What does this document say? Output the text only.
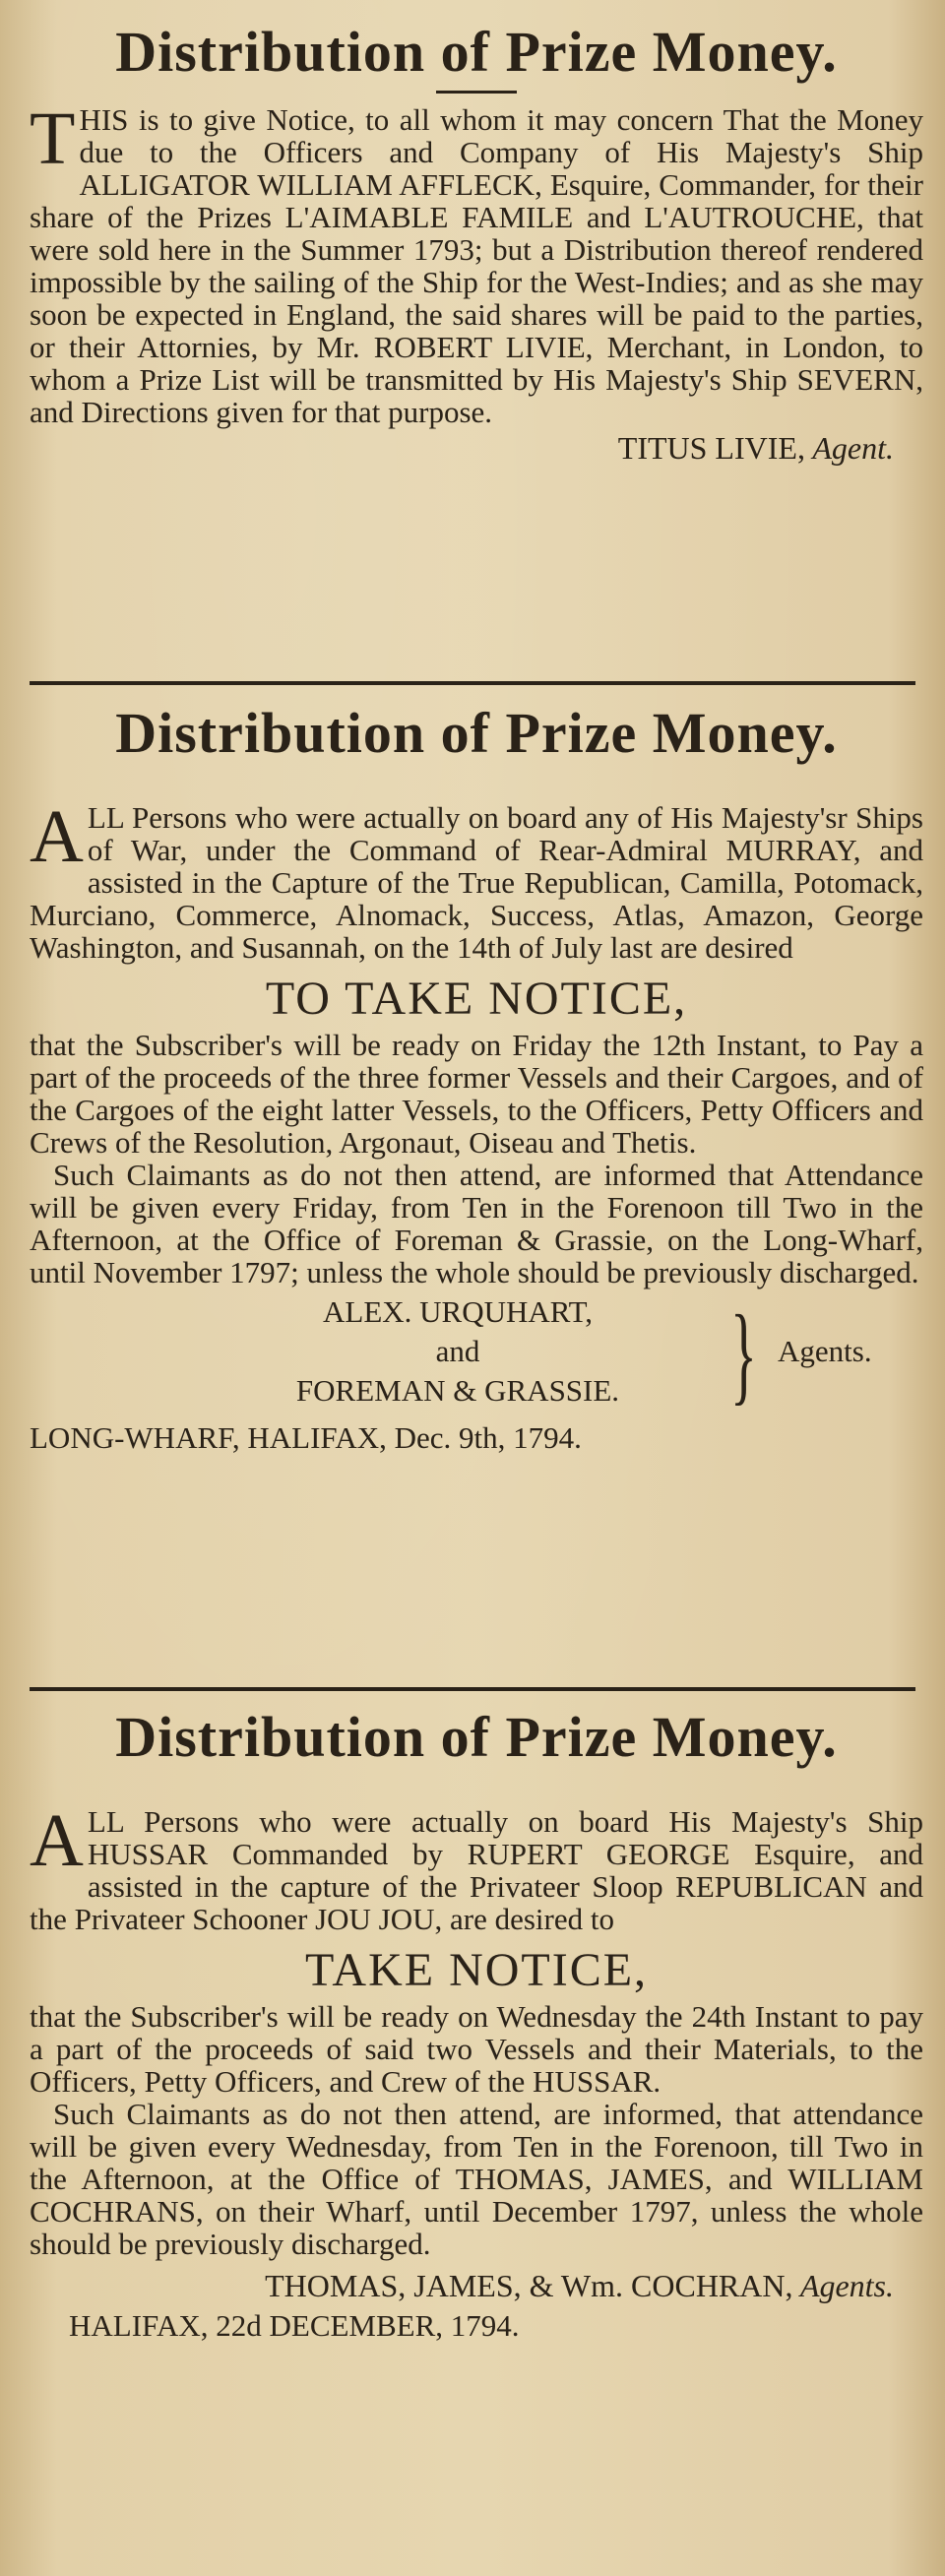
Distribution of Prize Money.

T HIS is to give Notice, to all whom it may concern That the Money due to the Officers and Company of His Majesty's Ship ALLIGATOR WILLIAM AFFLECK, Esquire, Commander, for their share of the Prizes L'AIMABLE FAMILE and L'AUTROUCHE, that were sold here in the Summer 1793; but a Distribution thereof rendered impossible by the sailing of the Ship for the West-Indies; and as she may soon be expected in England, the said shares will be paid to the parties, or their Attornies, by Mr. ROBERT LIVIE, Merchant, in London, to whom a Prize List will be transmitted by His Majesty's Ship SEVERN, and Directions given for that purpose.

TITUS LIVIE, Agent.

Distribution of Prize Money.

A LL Persons who were actually on board any of His Majesty'sr Ships of War, under the Command of Rear-Admiral MURRAY, and assisted in the Capture of the True Republican, Camilla, Potomack, Murciano, Commerce, Alnomack, Success, Atlas, Amazon, George Washington, and Susannah, on the 14th of July last are desired

TO TAKE NOTICE,

that the Subscriber's will be ready on Friday the 12th Instant, to Pay a part of the proceeds of the three former Vessels and their Cargoes, and of the Cargoes of the eight latter Vessels, to the Officers, Petty Officers and Crews of the Resolution, Argonaut, Oiseau and Thetis.

Such Claimants as do not then attend, are informed that Attendance will be given every Friday, from Ten in the Forenoon till Two in the Afternoon, at the Office of Foreman & Grassie, on the Long-Wharf, until November 1797; unless the whole should be previously discharged.

ALEX. URQUHART,
and
FOREMAN & GRASSIE.	} Agents.

LONG-WHARF, HALIFAX, Dec. 9th, 1794.

Distribution of Prize Money.

A LL Persons who were actually on board His Majesty's Ship HUSSAR Commanded by RUPERT GEORGE Esquire, and assisted in the capture of the Privateer Sloop REPUBLICAN and the Privateer Schooner JOU JOU, are desired to

TAKE NOTICE,

that the Subscriber's will be ready on Wednesday the 24th Instant to pay a part of the proceeds of said two Vessels and their Materials, to the Officers, Petty Officers, and Crew of the HUSSAR.

Such Claimants as do not then attend, are informed, that attendance will be given every Wednesday, from Ten in the Forenoon, till Two in the Afternoon, at the Office of THOMAS, JAMES, and WILLIAM COCHRANS, on their Wharf, until December 1797, unless the whole should be previously discharged.

THOMAS, JAMES, & Wm. COCHRAN, Agents.

HALIFAX, 22d DECEMBER, 1794.
